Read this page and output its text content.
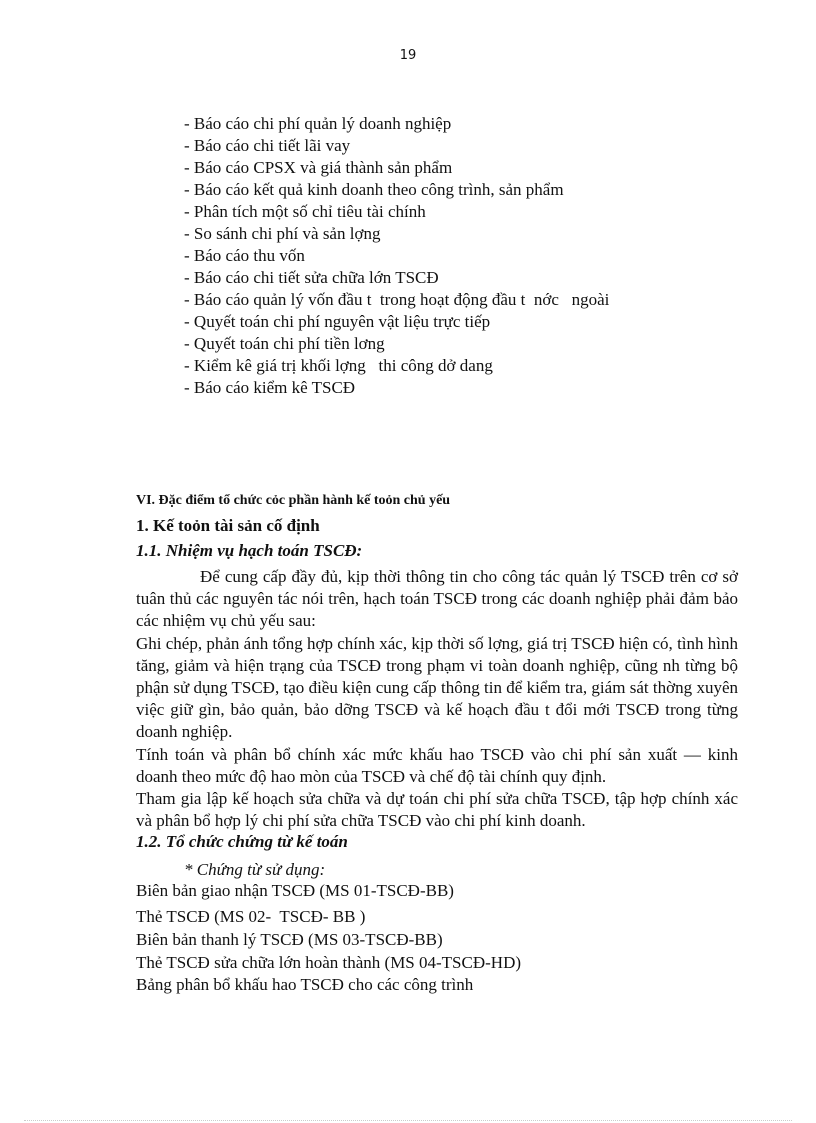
19
- Báo cáo chi phí quản lý doanh nghiệp
- Báo cáo chi tiết lãi vay
- Báo cáo CPSX và giá thành sản phẩm
- Báo cáo kết quả kinh doanh theo công trình, sản phẩm
- Phân tích một số chỉ tiêu tài chính
- So sánh chi phí và sản lợng
- Báo cáo thu vốn
- Báo cáo chi tiết sửa chữa lớn TSCĐ
- Báo cáo quản lý vốn đầu t  trong hoạt động đầu t  nớc   ngoài
- Quyết toán chi phí nguyên vật liệu trực tiếp
- Quyết toán chi phí tiền lơng
- Kiểm kê giá trị khối lợng   thi công dở dang
- Báo cáo kiểm kê TSCĐ
VI. Đặc điểm tổ chức cỏc phần hành kế toỏn chủ yếu
1. Kế toỏn tài sản cố định
1.1. Nhiệm vụ hạch toán TSCĐ:

Để cung cấp đầy đủ, kịp thời thông tin cho công tác quản lý TSCĐ trên cơ sở tuân thủ các nguyên tác nói trên, hạch toán TSCĐ trong các doanh nghiệp phải đảm bảo các nhiệm vụ chủ yếu sau:

Ghi chép, phản ánh tổng hợp chính xác, kịp thời số lợng, giá trị TSCĐ hiện có, tình hình tăng, giảm và hiện trạng của TSCĐ trong phạm vi toàn doanh nghiệp, cũng nh từng bộ phận sử dụng TSCĐ, tạo điều kiện cung cấp thông tin để kiểm tra, giám sát thờng xuyên việc giữ gìn, bảo quản, bảo dỡng TSCĐ và kế hoạch đầu t đổi mới TSCĐ trong từng doanh nghiệp.

Tính toán và phân bổ chính xác mức khấu hao TSCĐ vào chi phí sản xuất — kinh doanh theo mức độ hao mòn của TSCĐ và chế độ tài chính quy định.

Tham gia lập kế hoạch sửa chữa và dự toán chi phí sửa chữa TSCĐ, tập hợp chính xác và phân bổ hợp lý chi phí sửa chữa TSCĐ vào chi phí kinh doanh.

1.2. Tổ chức chứng từ kế toán
* Chứng từ sử dụng:
Biên bản giao nhận TSCĐ (MS 01-TSCĐ-BB)
Thẻ TSCĐ (MS 02-  TSCĐ- BB )
Biên bản thanh lý TSCĐ (MS 03-TSCĐ-BB)
Thẻ TSCĐ sửa chữa lớn hoàn thành (MS 04-TSCĐ-HD)
Bảng phân bổ khấu hao TSCĐ cho các công trình
